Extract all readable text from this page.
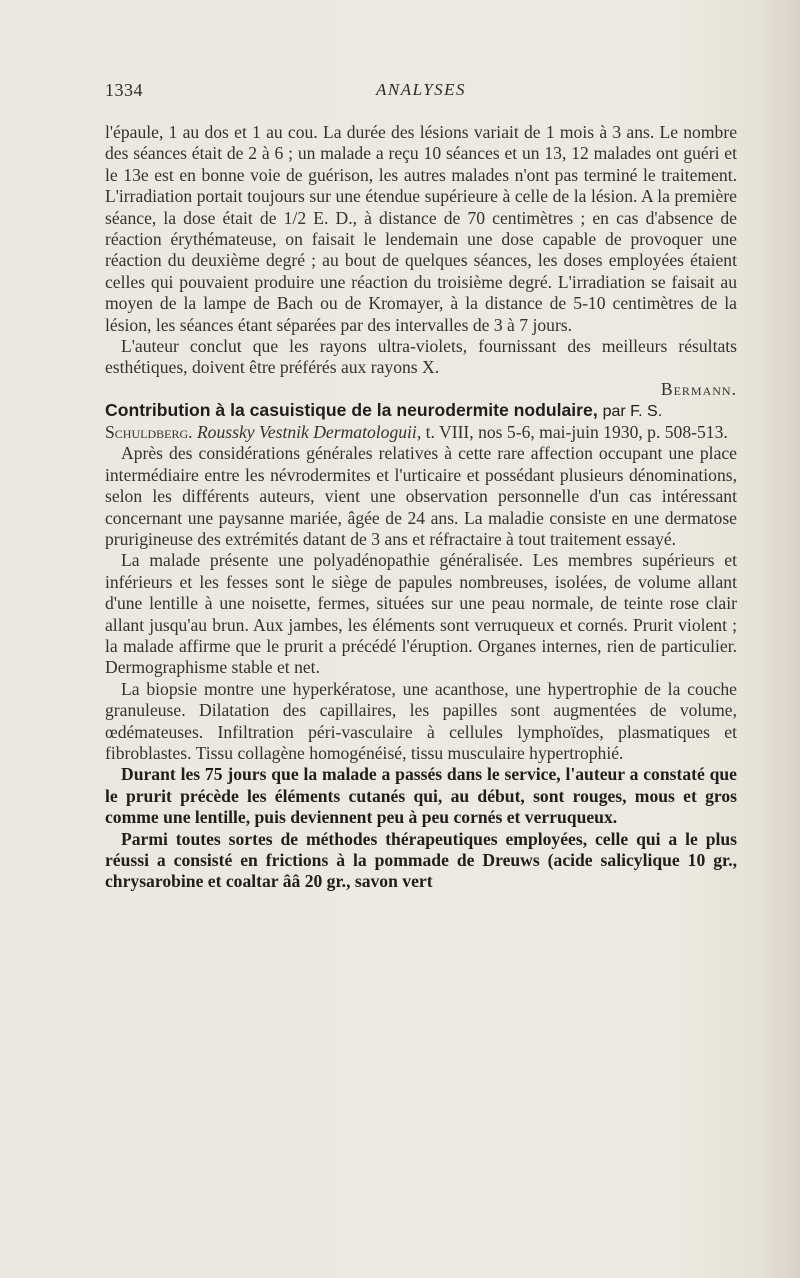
1334	ANALYSES

l'épaule, 1 au dos et 1 au cou. La durée des lésions variait de 1 mois à 3 ans. Le nombre des séances était de 2 à 6 ; un malade a reçu 10 séances et un 13, 12 malades ont guéri et le 13e est en bonne voie de guérison, les autres malades n'ont pas terminé le traitement. L'irradiation portait toujours sur une étendue supérieure à celle de la lésion. A la première séance, la dose était de 1/2 E. D., à distance de 70 centimètres ; en cas d'absence de réaction érythémateuse, on faisait le lendemain une dose capable de provoquer une réaction du deuxième degré ; au bout de quelques séances, les doses employées étaient celles qui pouvaient produire une réaction du troisième degré. L'irradiation se faisait au moyen de la lampe de Bach ou de Kromayer, à la distance de 5-10 centimètres de la lésion, les séances étant séparées par des intervalles de 3 à 7 jours.

L'auteur conclut que les rayons ultra-violets, fournissant des meilleurs résultats esthétiques, doivent être préférés aux rayons X.

Bermann.

Contribution à la casuistique de la neurodermite nodulaire, par F. S.

Schuldberg. Roussky Vestnik Dermatologuii, t. VIII, nos 5-6, mai-juin 1930, p. 508-513.

Après des considérations générales relatives à cette rare affection occupant une place intermédiaire entre les névrodermites et l'urticaire et possédant plusieurs dénominations, selon les différents auteurs, vient une observation personnelle d'un cas intéressant concernant une paysanne mariée, âgée de 24 ans. La maladie consiste en une dermatose prurigineuse des extrémités datant de 3 ans et réfractaire à tout traitement essayé.

La malade présente une polyadénopathie généralisée. Les membres supérieurs et inférieurs et les fesses sont le siège de papules nombreuses, isolées, de volume allant d'une lentille à une noisette, fermes, situées sur une peau normale, de teinte rose clair allant jusqu'au brun. Aux jambes, les éléments sont verruqueux et cornés. Prurit violent ; la malade affirme que le prurit a précédé l'éruption. Organes internes, rien de particulier. Dermographisme stable et net.

La biopsie montre une hyperkératose, une acanthose, une hypertrophie de la couche granuleuse. Dilatation des capillaires, les papilles sont augmentées de volume, œdémateuses. Infiltration péri-vasculaire à cellules lymphoïdes, plasmatiques et fibroblastes. Tissu collagène homogénéisé, tissu musculaire hypertrophié.

Durant les 75 jours que la malade a passés dans le service, l'auteur a constaté que le prurit précède les éléments cutanés qui, au début, sont rouges, mous et gros comme une lentille, puis deviennent peu à peu cornés et verruqueux.

Parmi toutes sortes de méthodes thérapeutiques employées, celle qui a le plus réussi a consisté en frictions à la pommade de Dreuws (acide salicylique 10 gr., chrysarobine et coaltar ââ 20 gr., savon vert
